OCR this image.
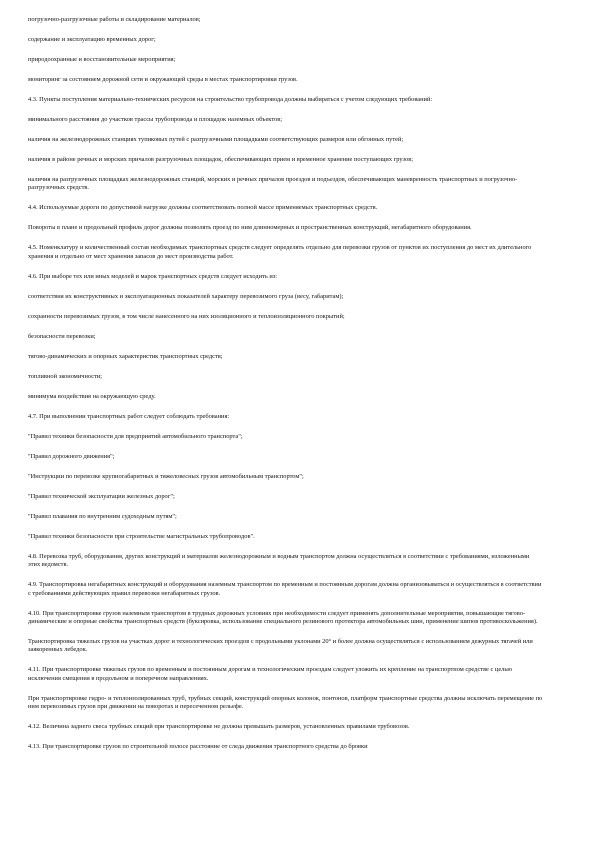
погрузочно-разгрузочные работы и складирование материалов;

содержание и эксплуатацию временных дорог;

природоохранные и восстановительные мероприятия;

мониторинг за состоянием дорожной сети и окружающей среды в местах транспортировки грузов.

4.3. Пункты поступления материально-технических ресурсов на строительство трубопровода должны выбираться с учетом следующих требований:

минимального расстояния до участков трассы трубопровода и площадок наземных объектов;

наличия на железнодорожных станциях тупиковых путей с разгрузочными площадками соответствующих размеров или обгонных путей;

наличия в районе речных и морских причалов разгрузочных площадок, обеспечивающих прием и временное хранение поступающих грузов;

наличия на разгрузочных площадках железнодорожных станций, морских и речных причалов проездов и подъездов, обеспечивающих маневренность транспортных и погрузочно-разгрузочных средств.

4.4. Используемые дороги по допустимой нагрузке должны соответствовать полной массе применяемых транспортных средств.

Повороты в плане и продольный профиль дорог должны позволять проезд по ним длинномерных и пространственных конструкций, негабаритного оборудования.

4.5. Номенклатуру и количественный состав необходимых транспортных средств следует определять отдельно для перевозки грузов от пунктов их поступления до мест их длительного хранения и отдельно от мест хранения запасов до мест производства работ.

4.6. При выборе тех или иных моделей и марок транспортных средств следует исходить из:

соответствия их конструктивных и эксплуатационных показателей характеру перевозимого груза (весу, габаритам);

сохранности перевозимых грузов, в том числе нанесенного на них изоляционного и теплоизоляционного покрытий;

безопасности перевозки;

тягово-динамических и опорных характеристик транспортных средств;

топливной экономичности;

минимума воздействия на окружающую среду.

4.7. При выполнении транспортных работ следует соблюдать требования:

"Правил техники безопасности для предприятий автомобильного транспорта";

"Правил дорожного движения";

"Инструкции по перевозке крупногабаритных и тяжеловесных грузов автомобильным транспортом";

"Правил технической эксплуатации железных дорог";

"Правил плавания по внутренним судоходным путям";

"Правил техники безопасности при строительстве магистральных трубопроводов".

4.8. Перевозка труб, оборудования, других конструкций и материалов железнодорожным и водным транспортом должна осуществляться в соответствии с требованиями, изложенными этих ведомств.

4.9. Транспортировка негабаритных конструкций и оборудования наземным транспортом по временным и постоянным дорогам должна организовываться и осуществляться в соответствии с требованиями действующих правил перевозки негабаритных грузов.

4.10. При транспортировке грузов наземным транспортом в трудных дорожных условиях при необходимости следует применять дополнительные мероприятия, повышающие тягово-динамические и опорные свойства транспортных средств (буксировка, использование специального резинового протектора автомобильных шин, применение шипов противоскольжения).

Транспортировка тяжелых грузов на участках дорог и технологических проездов с продольными уклонами 20° и более должна осуществляться с использованием дежурных тягачей или заякоренных лебедок.

4.11. При транспортировке тяжелых грузов по временным и постоянным дорогам и технологическим проездам следует уложить их крепление на транспортном средстве с целью исключения смещения в продольном и поперечном направлениях.

При транспортировке гидро- и теплоизолированных труб, трубных секций, конструкций опорных колонок, понтонов, платформ транспортные средства должны исключать перемещение по ним перевозимых грузов при движении на поворотах и пересеченном рельефе.

4.12. Величина заднего свеса трубных секций при транспортировке не должна превышать размеров, установленных правилами трубовозов.

4.13. При транспортировке грузов по строительной полосе расстояние от следа движения транспортного средства до бровки
